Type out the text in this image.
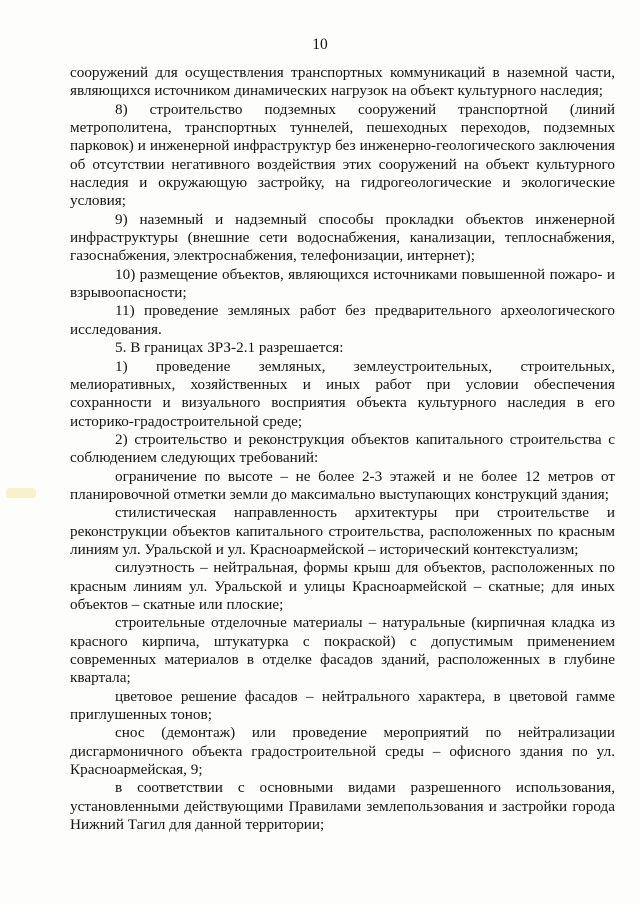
10

сооружений для осуществления транспортных коммуникаций в наземной части, являющихся источником динамических нагрузок на объект культурного наследия;

8) строительство подземных сооружений транспортной (линий метрополитена, транспортных туннелей, пешеходных переходов, подземных парковок) и инженерной инфраструктур без инженерно-геологического заключения об отсутствии негативного воздействия этих сооружений на объект культурного наследия и окружающую застройку, на гидрогеологические и экологические условия;

9) наземный и надземный способы прокладки объектов инженерной инфраструктуры (внешние сети водоснабжения, канализации, теплоснабжения, газоснабжения, электроснабжения, телефонизации, интернет);

10) размещение объектов, являющихся источниками повышенной пожаро- и взрывоопасности;

11) проведение земляных работ без предварительного археологического исследования.

5. В границах ЗРЗ-2.1 разрешается:

1) проведение земляных, землеустроительных, строительных, мелиоративных, хозяйственных и иных работ при условии обеспечения сохранности и визуального восприятия объекта культурного наследия в его историко-градостроительной среде;

2) строительство и реконструкция объектов капитального строительства с соблюдением следующих требований:

ограничение по высоте – не более 2-3 этажей и не более 12 метров от планировочной отметки земли до максимально выступающих конструкций здания;

стилистическая направленность архитектуры при строительстве и реконструкции объектов капитального строительства, расположенных по красным линиям ул. Уральской и ул. Красноармейской – исторический контекстуализм;

силуэтность – нейтральная, формы крыш для объектов, расположенных по красным линиям ул. Уральской и улицы Красноармейской – скатные; для иных объектов – скатные или плоские;

строительные отделочные материалы – натуральные (кирпичная кладка из красного кирпича, штукатурка с покраской) с допустимым применением современных материалов в отделке фасадов зданий, расположенных в глубине квартала;

цветовое решение фасадов – нейтрального характера, в цветовой гамме приглушенных тонов;

снос (демонтаж) или проведение мероприятий по нейтрализации дисгармоничного объекта градостроительной среды – офисного здания по ул. Красноармейская, 9;

в соответствии с основными видами разрешенного использования, установленными действующими Правилами землепользования и застройки города Нижний Тагил для данной территории;
